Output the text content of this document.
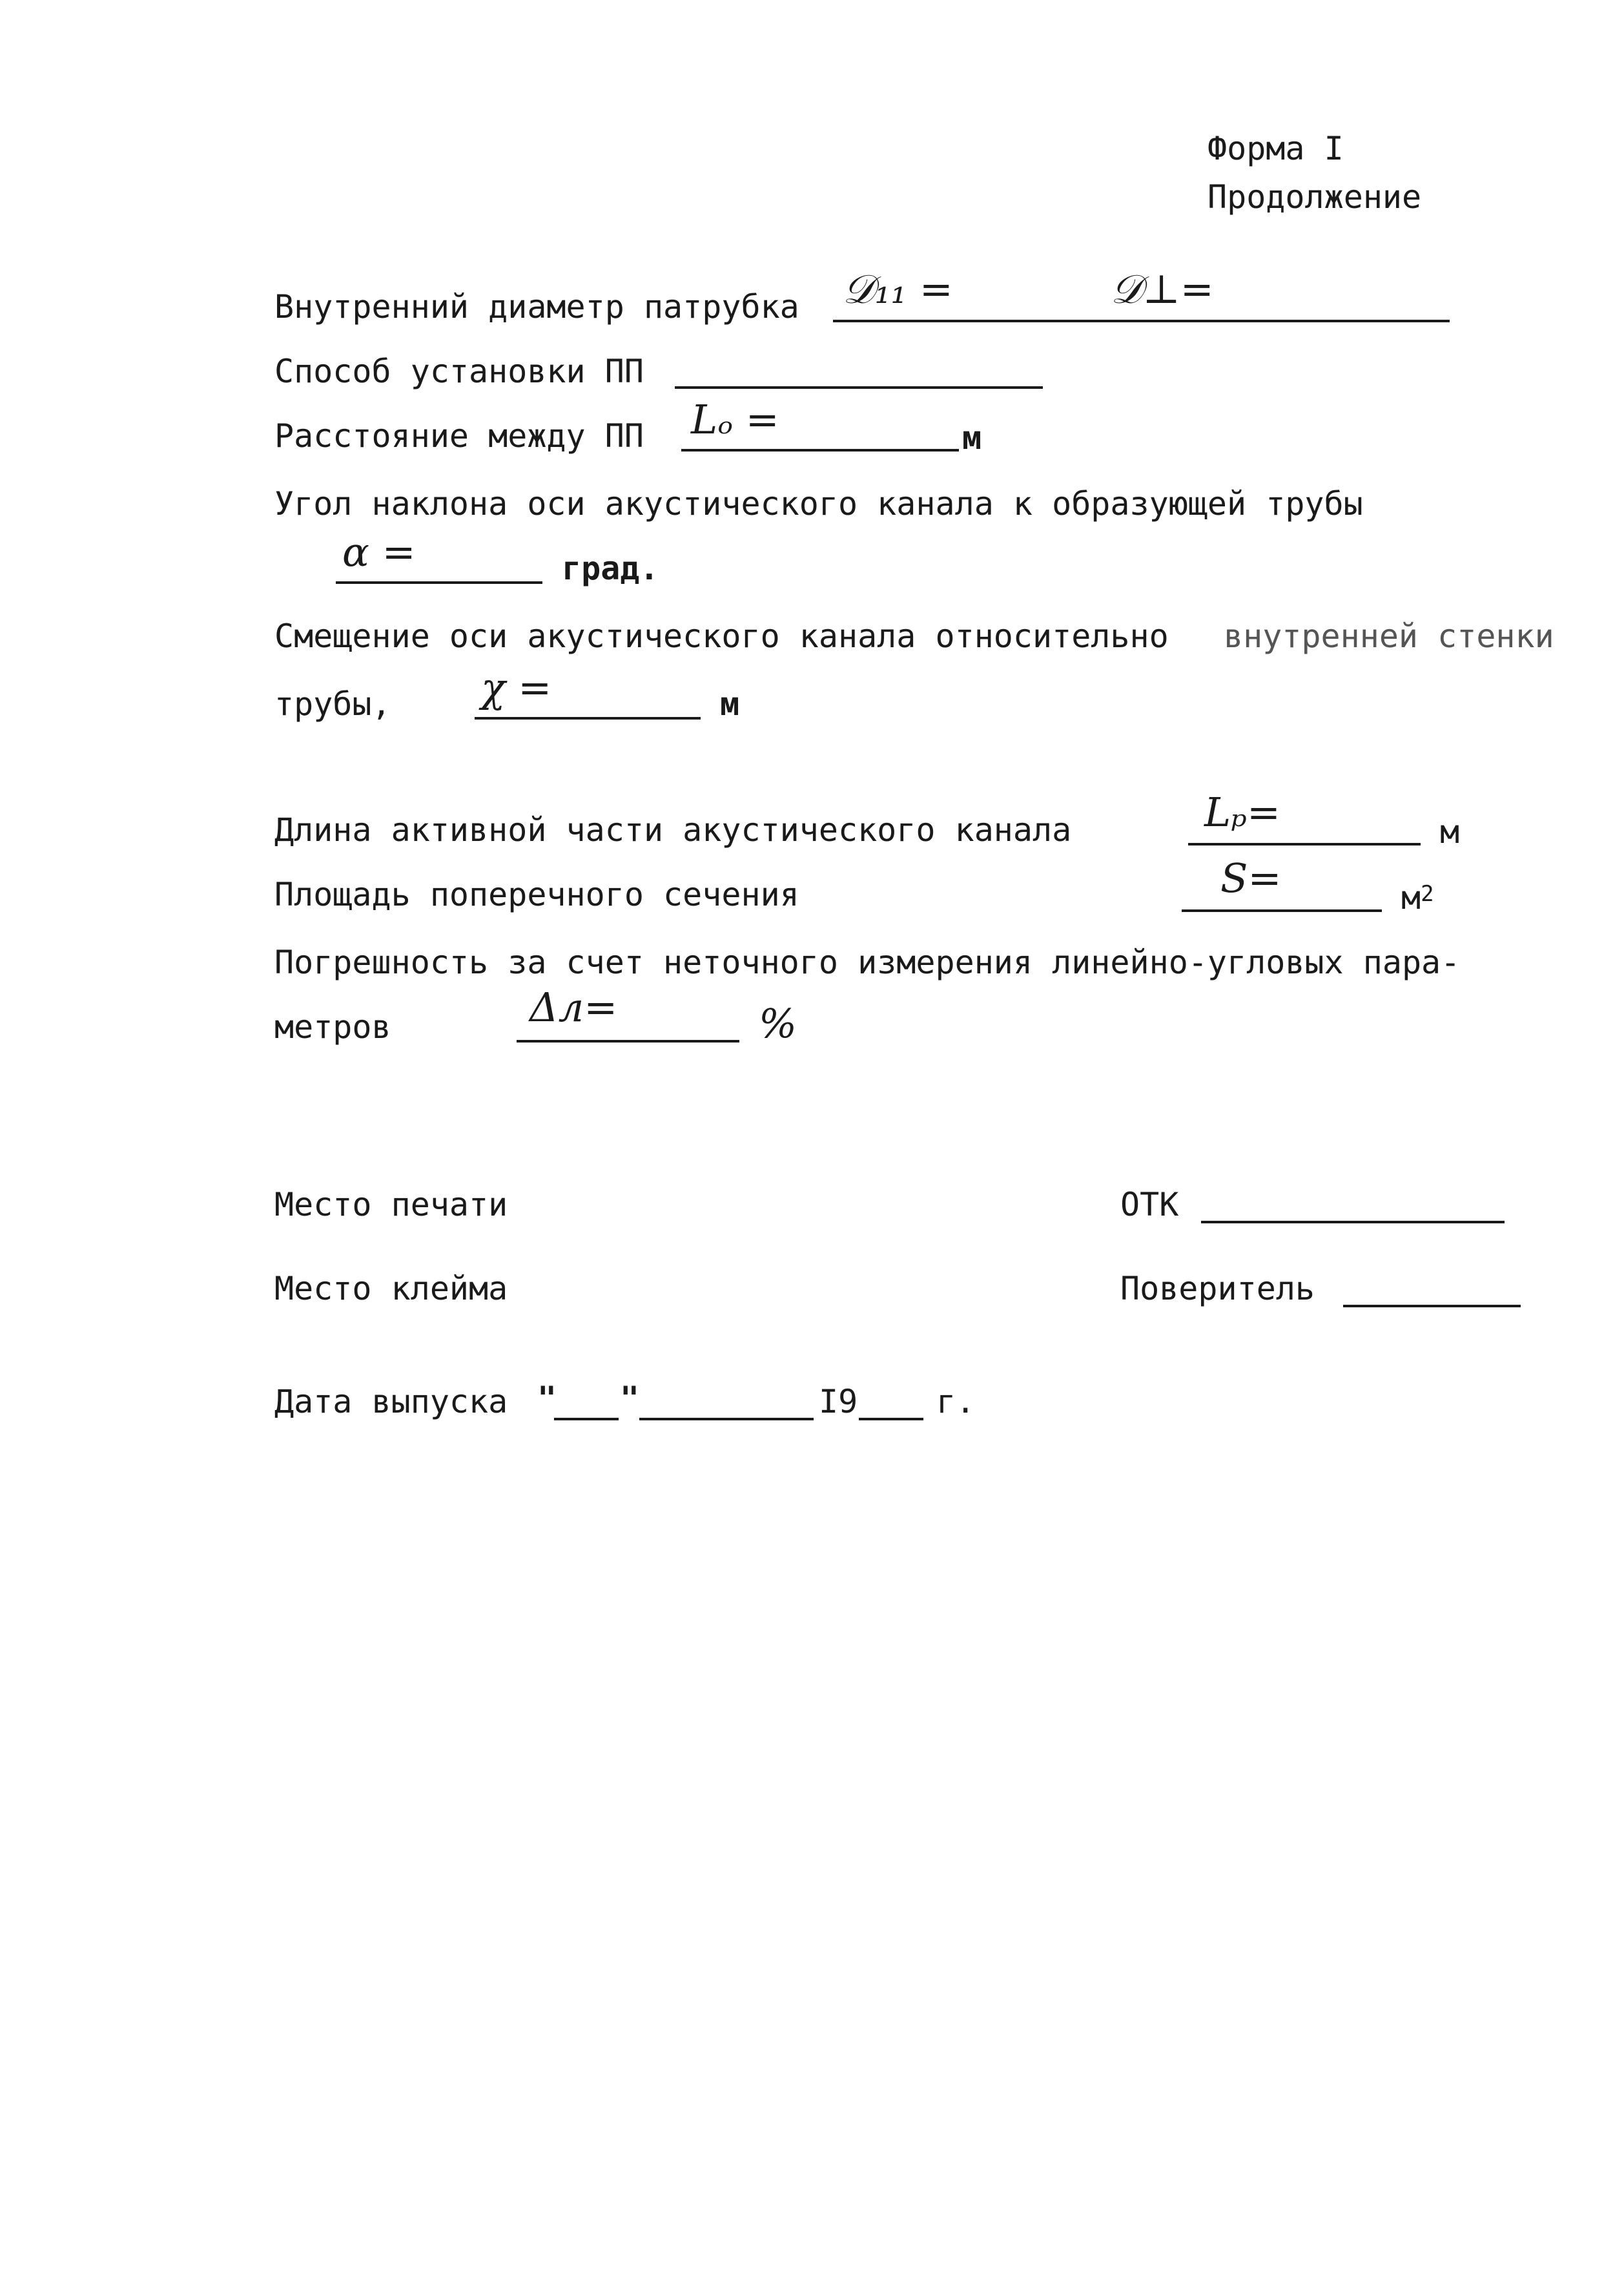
Форма I
Продолжение
Внутренний диаметр патрубка 𝒟₁₁ =	𝒟⊥=
Способ установки ПП
Расстояние между ПП Lₒ =	м
Угол наклона оси акустического канала к образующей трубы
α =	град.
Смещение оси акустического канала относительно внутренней стенки
трубы, χ =	м
Длина активной части акустического канала	Lₚ=	м
Площадь поперечного сечения	S=	$м^2$
Погрешность за счет неточного измерения линейно-угловых пара-
метров	Δл=	%
Место печати	ОТК
Место клейма	Поверитель
Дата выпуска " "	I9 г.
